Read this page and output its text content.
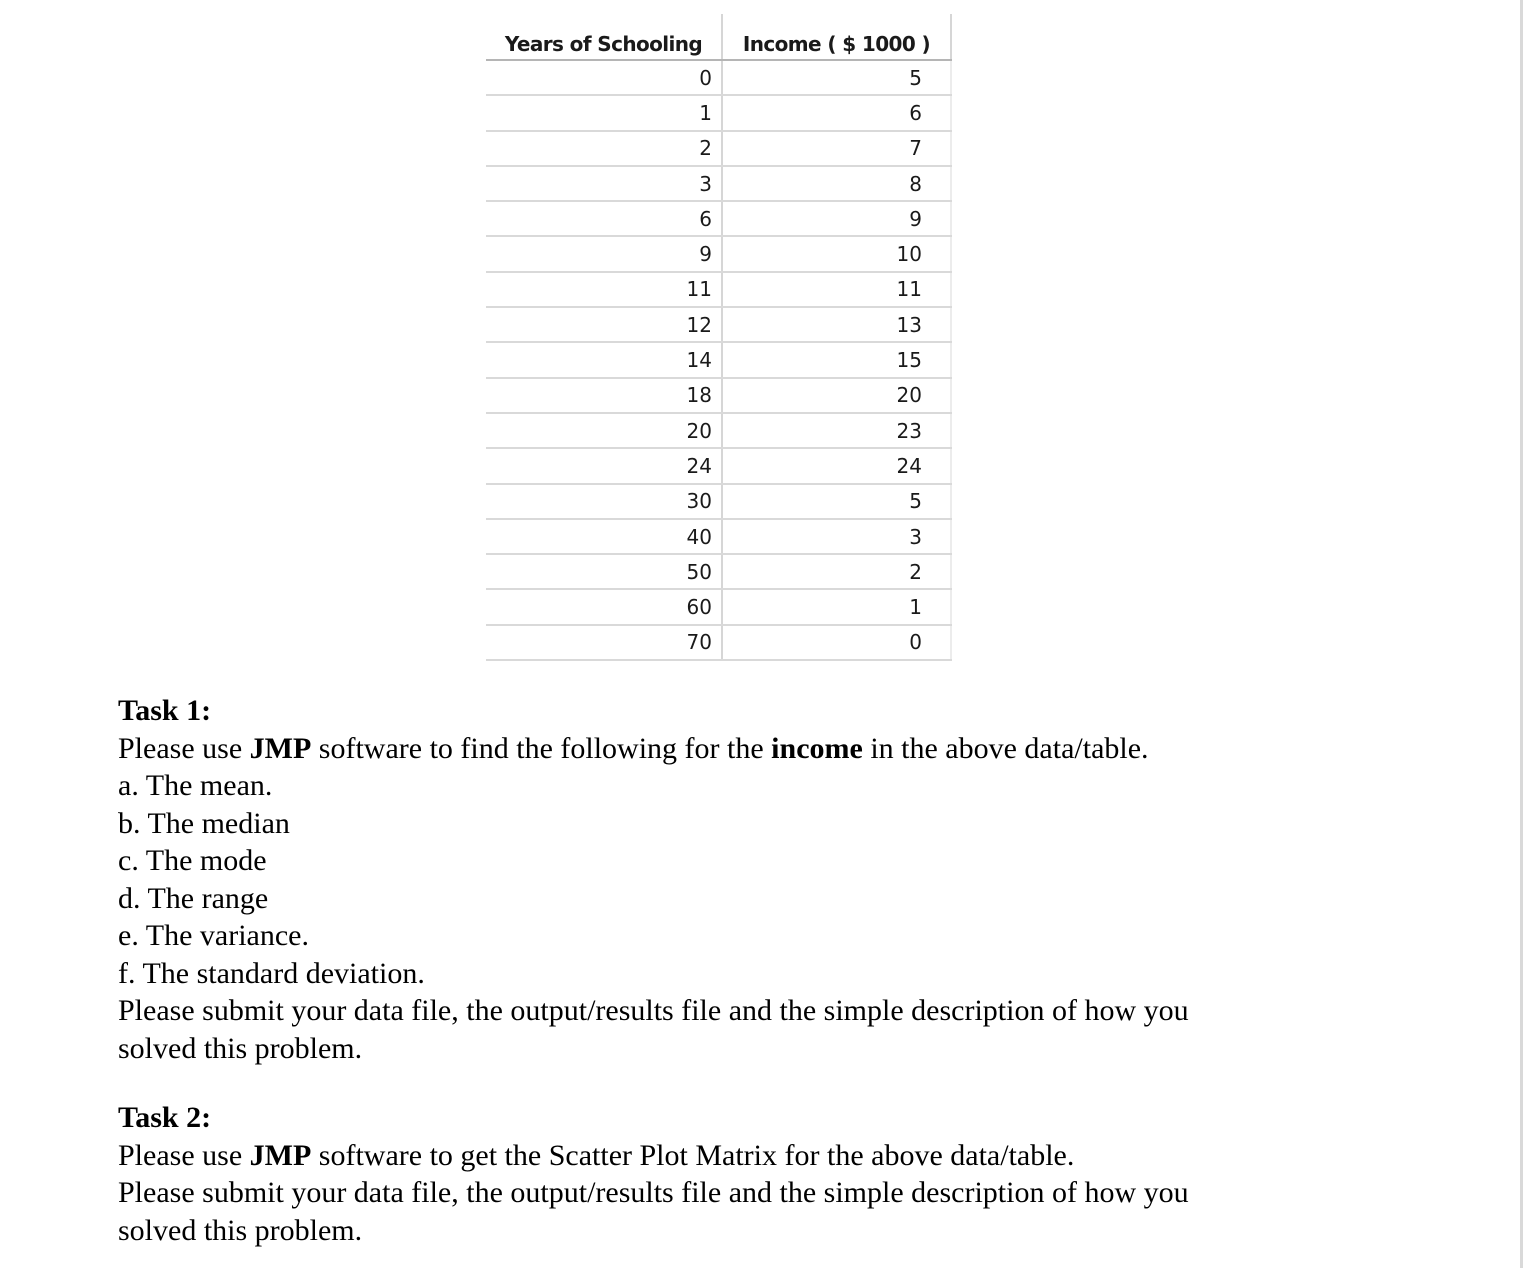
Years of Schooling	Income ( $ 1000 )
0	5
1	6
2	7
3	8
6	9
9	10
11	11
12	13
14	15
18	20
20	23
24	24
30	5
40	3
50	2
60	1
70	0
Task 1:
Please use JMP software to find the following for the income in the above data/table.
a. The mean.
b. The median
c. The mode
d. The range
e. The variance.
f. The standard deviation.
Please submit your data file, the output/results file and the simple description of how you
solved this problem.
Task 2:
Please use JMP software to get the Scatter Plot Matrix for the above data/table.
Please submit your data file, the output/results file and the simple description of how you
solved this problem.
